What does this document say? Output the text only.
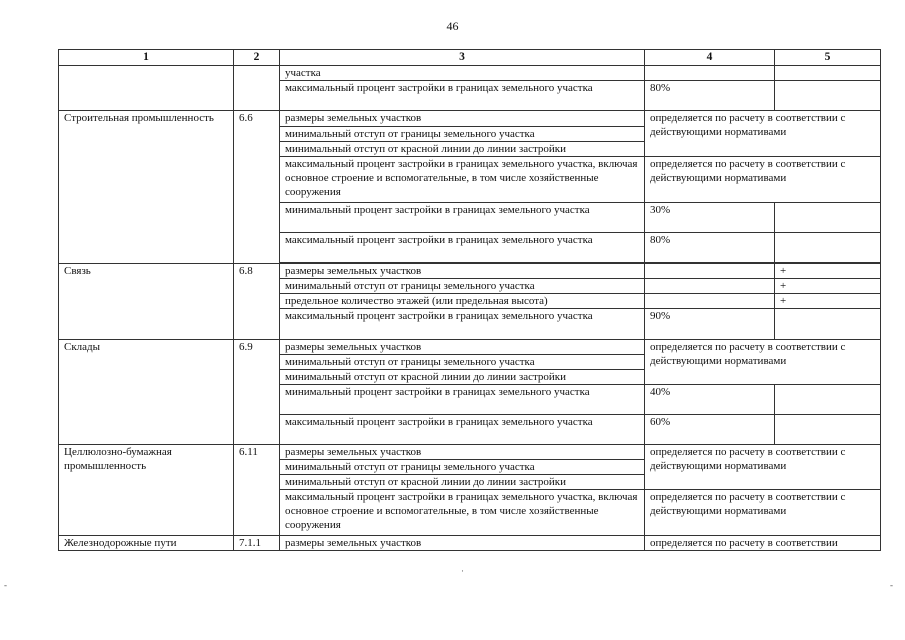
46
1	2	3	4	5
		участка		
		максимальный процент застройки в границах земельного участка	80%	
Строительная промышленность	6.6	размеры земельных участков	определяется по расчету в соответствии с действующими нормативами	
		минимальный отступ от границы земельного участка		
		минимальный отступ от красной линии до линии застройки		
		максимальный процент застройки в границах земельного участка, включая основное строение и вспомогательные, в том числе хозяйственные сооружения	определяется по расчету в соответствии с действующими нормативами	
		минимальный процент застройки в границах земельного участка	30%	
		максимальный процент застройки в границах земельного участка	80%	

Связь	6.8	размеры земельных участков		+
		минимальный отступ от границы земельного участка		+
		предельное количество этажей (или предельная высота)		+
		максимальный процент застройки в границах земельного участка	90%	
Склады	6.9	размеры земельных участков	определяется по расчету в соответствии с действующими нормативами	
		минимальный отступ от границы земельного участка		
		минимальный отступ от красной линии до линии застройки		
		минимальный процент застройки в границах земельного участка	40%	
		максимальный процент застройки в границах земельного участка	60%	
Целлюлозно-бумажная промышленность	6.11	размеры земельных участков	определяется по расчету в соответствии с действующими нормативами	
		минимальный отступ от границы земельного участка		
		минимальный отступ от красной линии до линии застройки		
		максимальный процент застройки в границах земельного участка, включая основное строение и вспомогательные, в том числе хозяйственные сооружения	определяется по расчету в соответствии с действующими нормативами	
Железнодорожные пути	7.1.1	размеры земельных участков	определяется по расчету в соответствии	
·
-	-
